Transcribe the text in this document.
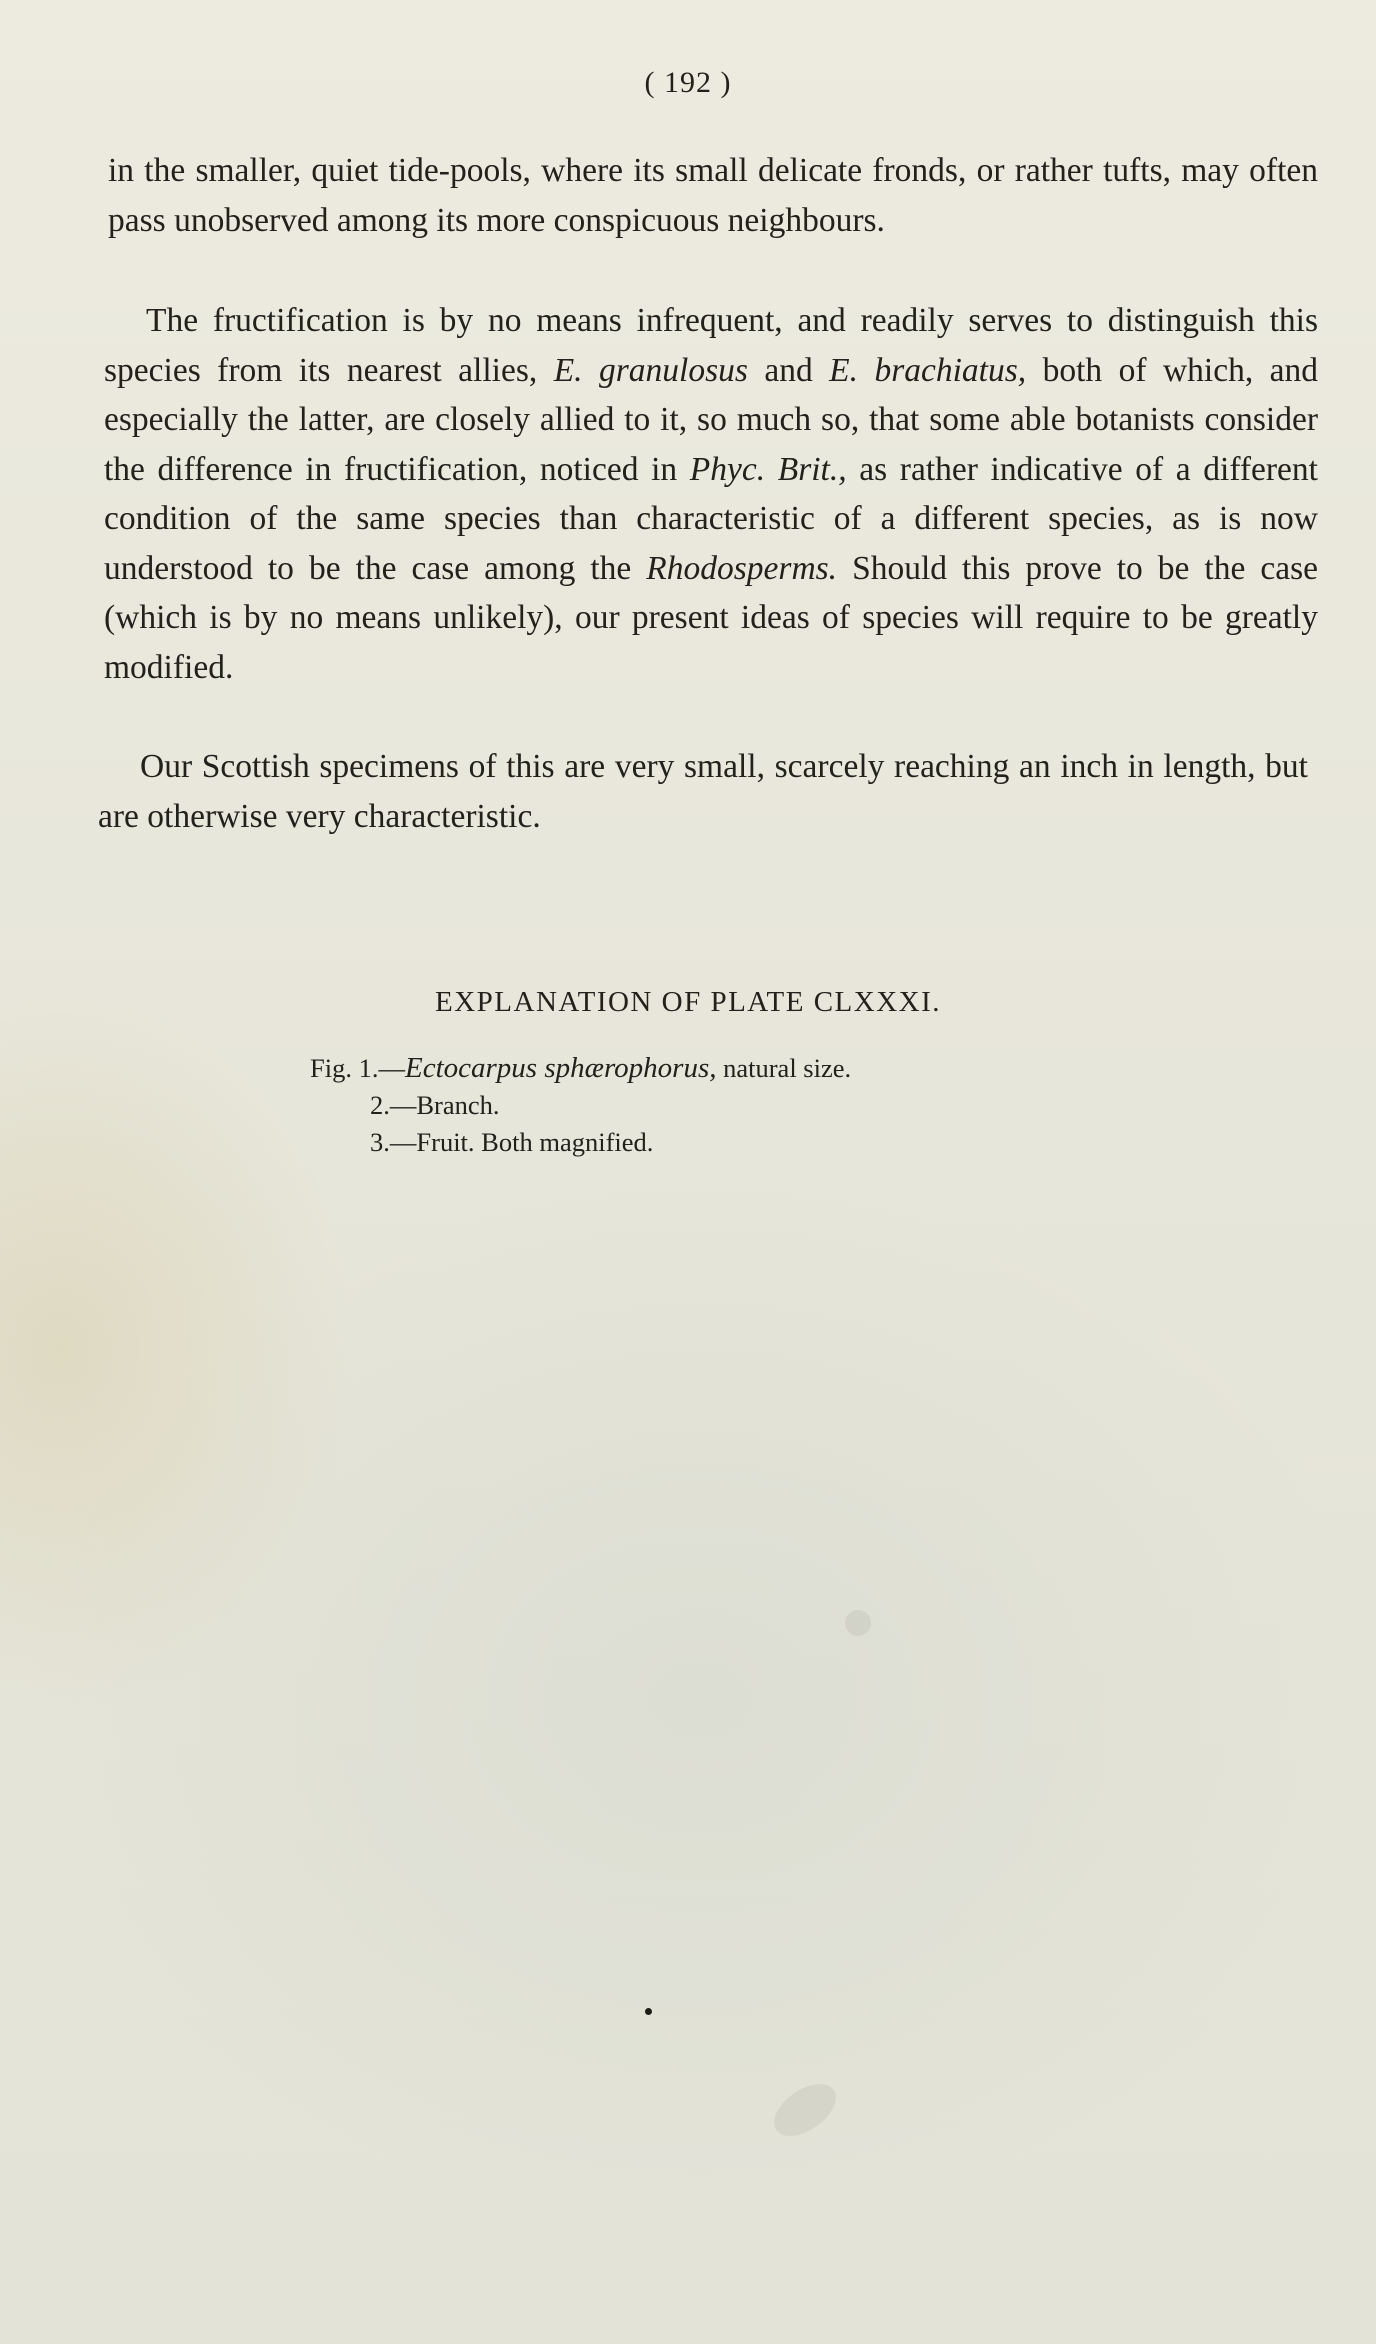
( 192 )

in the smaller, quiet tide-pools, where its small delicate fronds, or rather tufts, may often pass unobserved among its more conspicuous neighbours.

The fructification is by no means infrequent, and readily serves to distinguish this species from its nearest allies, E. granulosus and E. brachiatus, both of which, and especially the latter, are closely allied to it, so much so, that some able botanists consider the difference in fructification, noticed in Phyc. Brit., as rather indicative of a different condition of the same species than characteristic of a different species, as is now understood to be the case among the Rhodosperms. Should this prove to be the case (which is by no means unlikely), our present ideas of species will require to be greatly modified.

Our Scottish specimens of this are very small, scarcely reaching an inch in length, but are otherwise very characteristic.

EXPLANATION OF PLATE CLXXXI.
Fig. 1.—Ectocarpus sphærophorus, natural size.
2.—Branch.
3.—Fruit. Both magnified.
